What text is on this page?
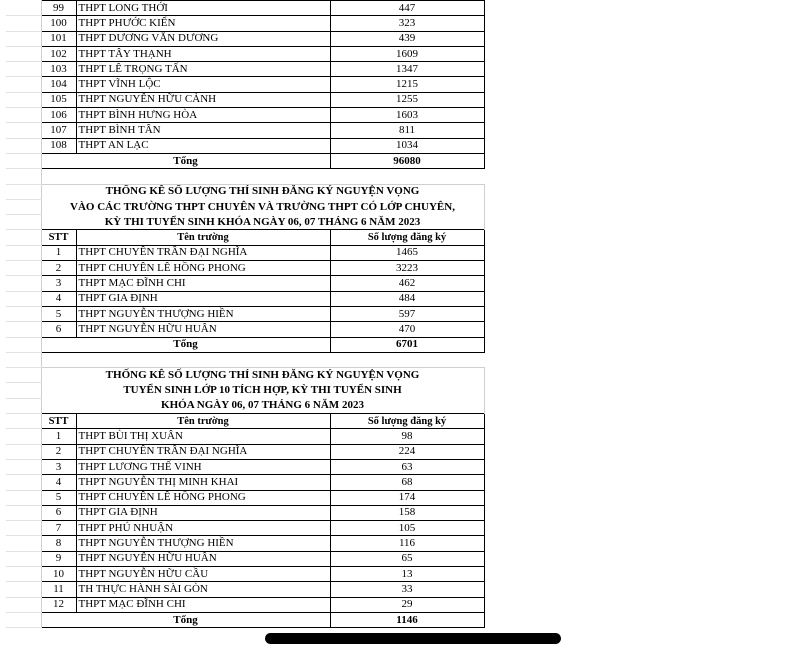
	99	THPT LONG THỚI	447
	100	THPT PHƯỚC KIỂN	323
	101	THPT DƯƠNG VĂN DƯƠNG	439
	102	THPT TÂY THẠNH	1609
	103	THPT LÊ TRỌNG TẤN	1347
	104	THPT VĨNH LỘC	1215
	105	THPT NGUYỄN HỮU CẢNH	1255
	106	THPT BÌNH HƯNG HÒA	1603
	107	THPT BÌNH TÂN	811
	108	THPT AN LẠC	1034
	Tổng		96080

	THỐNG KÊ SỐ LƯỢNG THÍ SINH ĐĂNG KÝ NGUYỆN VỌNG		
	VÀO CÁC TRƯỜNG THPT CHUYÊN VÀ TRƯỜNG THPT CÓ LỚP CHUYÊN,		
	KỲ THI TUYỂN SINH KHÓA NGÀY 06, 07 THÁNG 6 NĂM 2023		
	STT	Tên trường	Số lượng đăng ký
	1	THPT CHUYÊN TRẦN ĐẠI NGHĨA	1465
	2	THPT CHUYÊN LÊ HỒNG PHONG	3223
	3	THPT MẠC ĐĨNH CHI	462
	4	THPT GIA ĐỊNH	484
	5	THPT NGUYỄN THƯỢNG HIỀN	597
	6	THPT NGUYỄN HỮU HUÂN	470
	Tổng		6701

	THỐNG KÊ SỐ LƯỢNG THÍ SINH ĐĂNG KÝ NGUYỆN VỌNG		
	TUYỂN SINH LỚP 10 TÍCH HỢP, KỲ THI TUYỂN SINH		
	KHÓA NGÀY 06, 07 THÁNG 6 NĂM 2023		
	STT	Tên trường	Số lượng đăng ký
	1	THPT BÙI THỊ XUÂN	98
	2	THPT CHUYÊN TRẦN ĐẠI NGHĨA	224
	3	THPT LƯƠNG THẾ VINH	63
	4	THPT NGUYỄN THỊ MINH KHAI	68
	5	THPT CHUYÊN LÊ HỒNG PHONG	174
	6	THPT GIA ĐỊNH	158
	7	THPT PHÚ NHUẬN	105
	8	THPT NGUYỄN THƯỢNG HIỀN	116
	9	THPT NGUYỄN HỮU HUÂN	65
	10	THPT NGUYỄN HỮU CẦU	13
	11	TH THỰC HÀNH SÀI GÒN	33
	12	THPT MẠC ĐĨNH CHI	29
	Tổng		1146
